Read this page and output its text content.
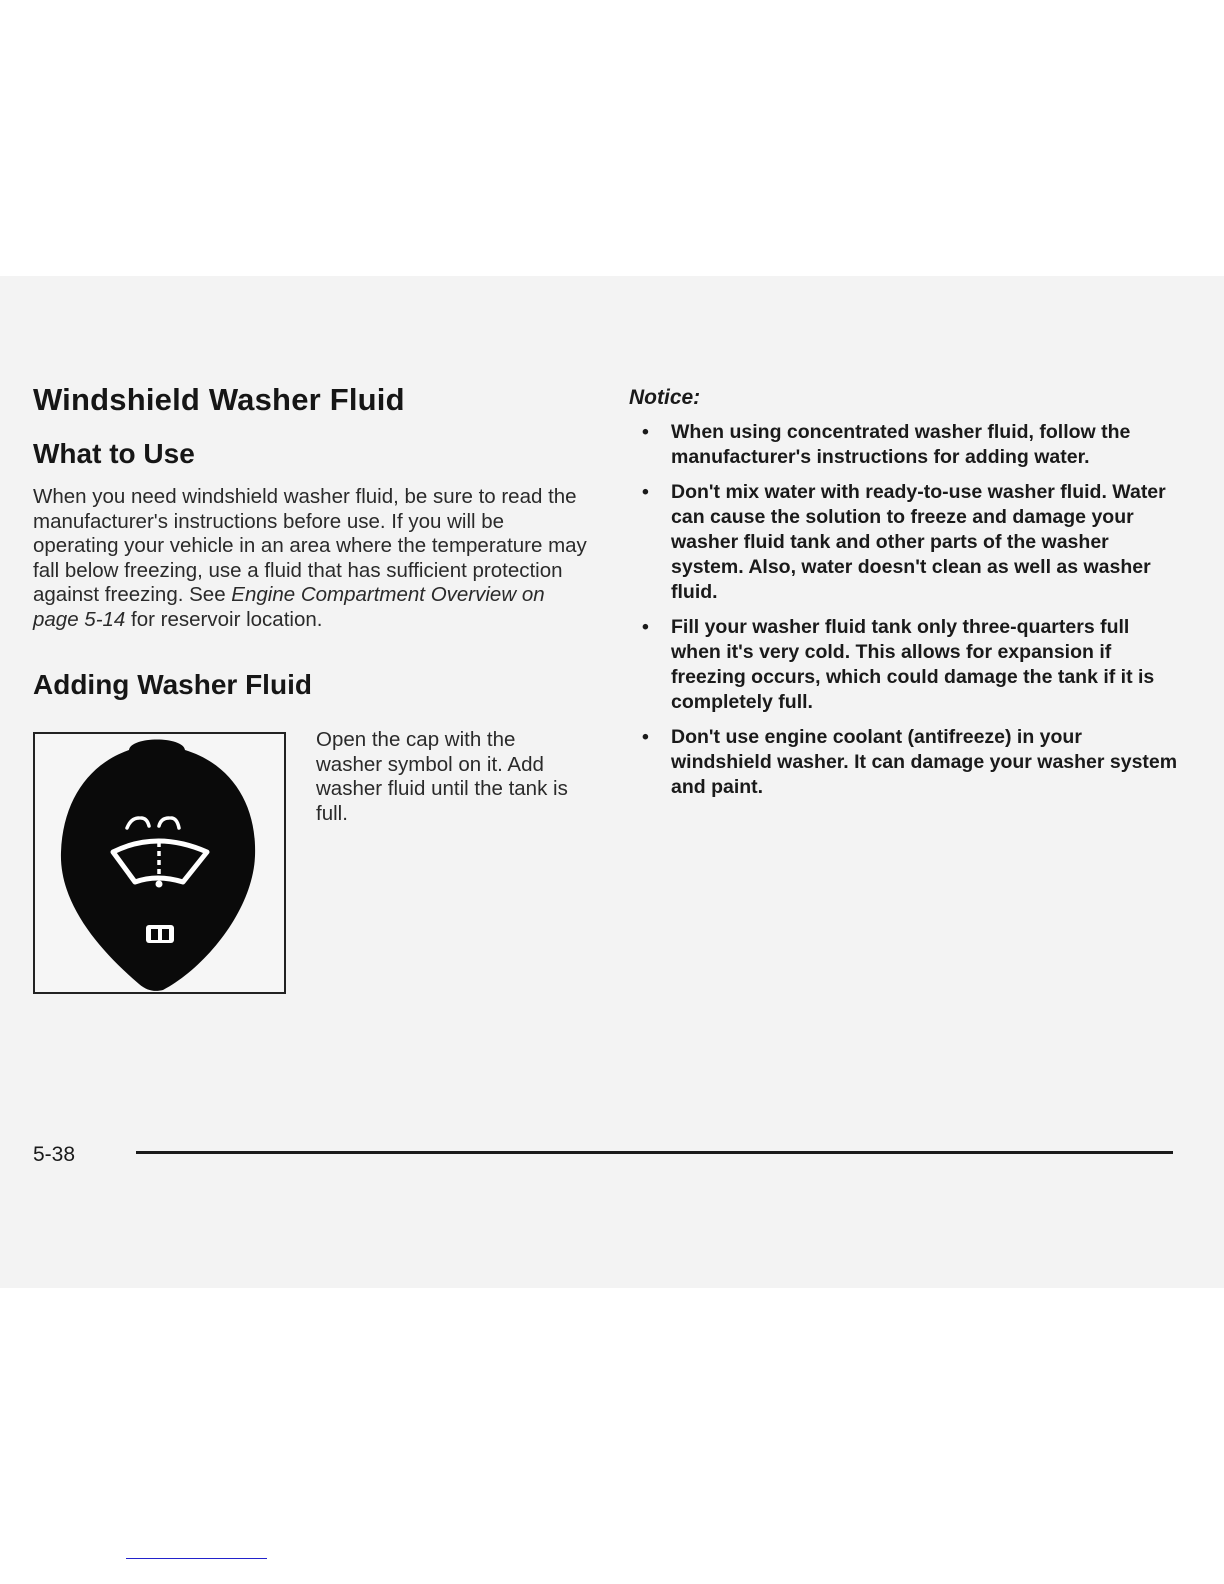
Windshield Washer Fluid
What to Use

When you need windshield washer fluid, be sure to read the manufacturer's instructions before use. If you will be operating your vehicle in an area where the temperature may fall below freezing, use a fluid that has sufficient protection against freezing. See Engine Compartment Overview on page 5-14 for reservoir location.

Adding Washer Fluid

Open the cap with the washer symbol on it. Add washer fluid until the tank is full.

Notice:

• When using concentrated washer fluid, follow the manufacturer's instructions for adding water.
• Don't mix water with ready-to-use washer fluid. Water can cause the solution to freeze and damage your washer fluid tank and other parts of the washer system. Also, water doesn't clean as well as washer fluid.
• Fill your washer fluid tank only three-quarters full when it's very cold. This allows for expansion if freezing occurs, which could damage the tank if it is completely full.
• Don't use engine coolant (antifreeze) in your windshield washer. It can damage your washer system and paint.

5-38
